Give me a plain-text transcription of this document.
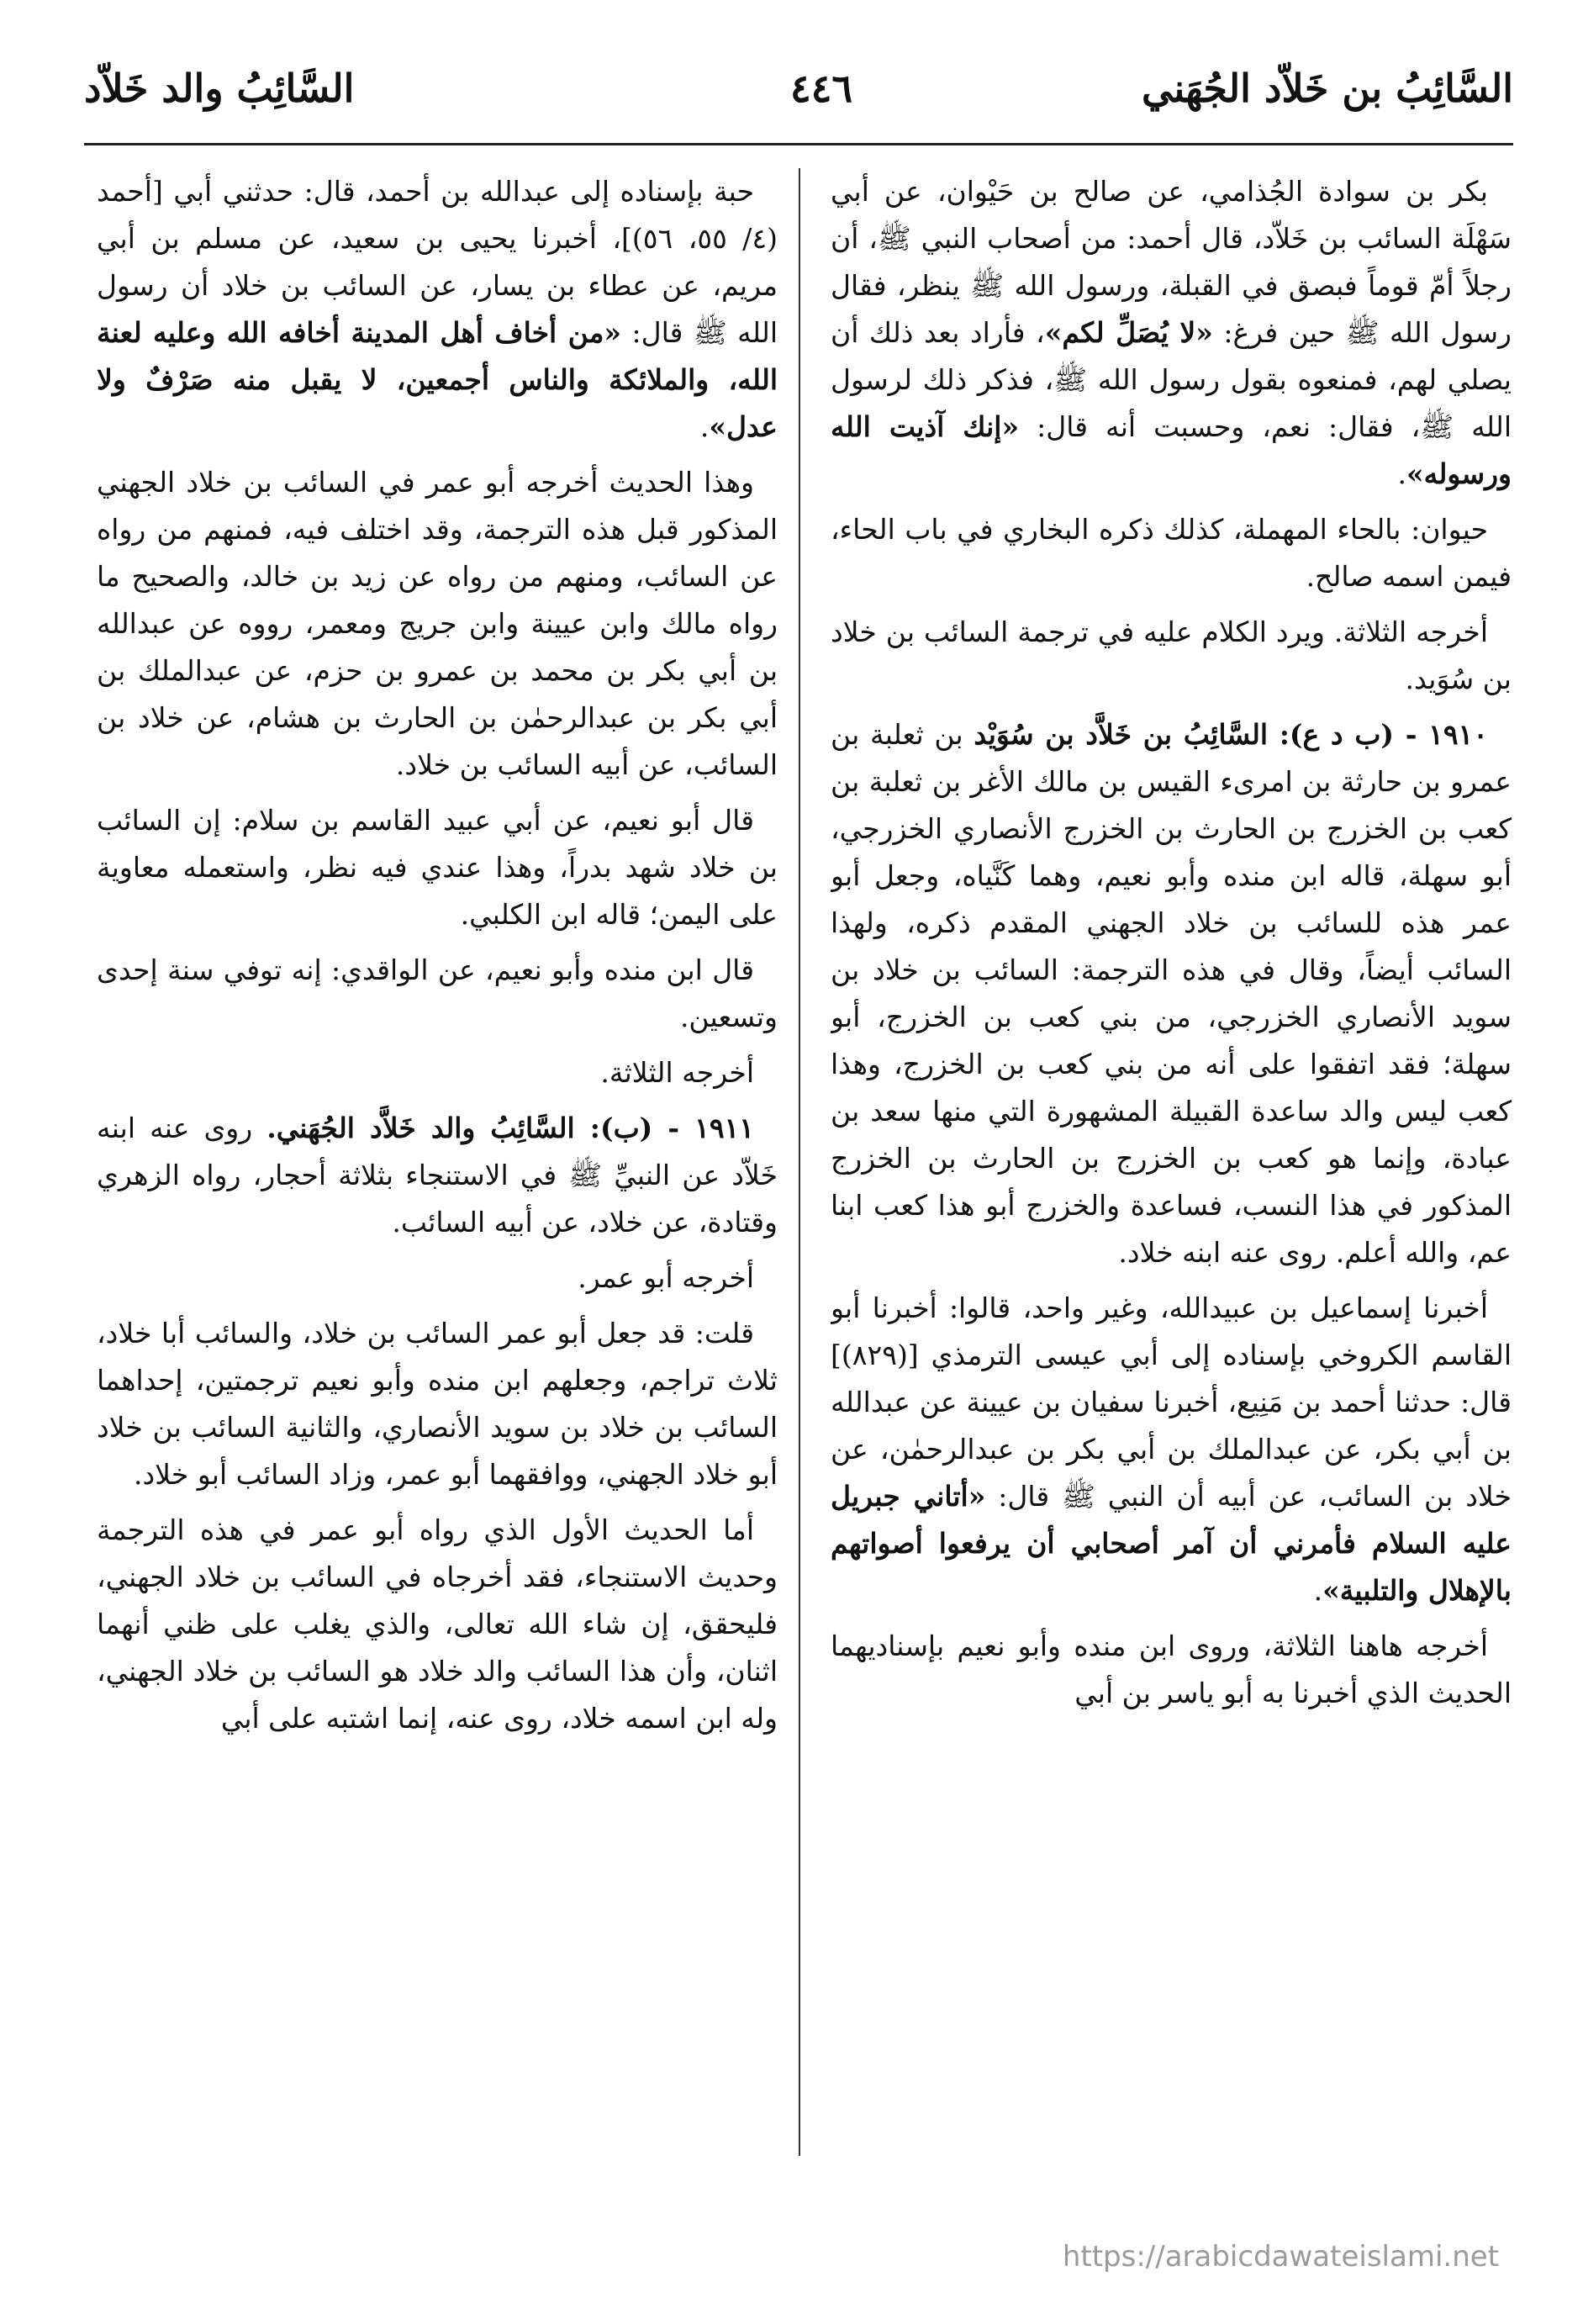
السَّائِبُ بن خَلاّد الجُهَني
٤٤٦
السَّائِبُ والد خَلاّد

بكر بن سوادة الجُذامي، عن صالح بن حَيْوان، عن أبي سَهْلَة السائب بن خَلاّد، قال أحمد: من أصحاب النبي ﷺ، أن رجلاً أمّ قوماً فبصق في القبلة، ورسول الله ﷺ ينظر، فقال رسول الله ﷺ حين فرغ: «لا يُصَلِّ لكم»، فأراد بعد ذلك أن يصلي لهم، فمنعوه بقول رسول الله ﷺ، فذكر ذلك لرسول الله ﷺ، فقال: نعم، وحسبت أنه قال: «إنك آذيت الله ورسوله».

حيوان: بالحاء المهملة، كذلك ذكره البخاري في باب الحاء، فيمن اسمه صالح.

أخرجه الثلاثة. ويرد الكلام عليه في ترجمة السائب بن خلاد بن سُوَيد.

١٩١٠ - (ب د ع): السَّائِبُ بن خَلاَّد بن سُوَيْد بن ثعلبة بن عمرو بن حارثة بن امرىء القيس بن مالك الأغر بن ثعلبة بن كعب بن الخزرج بن الحارث بن الخزرج الأنصاري الخزرجي، أبو سهلة، قاله ابن منده وأبو نعيم، وهما كَنَّياه، وجعل أبو عمر هذه للسائب بن خلاد الجهني المقدم ذكره، ولهذا السائب أيضاً، وقال في هذه الترجمة: السائب بن خلاد بن سويد الأنصاري الخزرجي، من بني كعب بن الخزرج، أبو سهلة؛ فقد اتفقوا على أنه من بني كعب بن الخزرج، وهذا كعب ليس والد ساعدة القبيلة المشهورة التي منها سعد بن عبادة، وإنما هو كعب بن الخزرج بن الحارث بن الخزرج المذكور في هذا النسب، فساعدة والخزرج أبو هذا كعب ابنا عم، والله أعلم. روى عنه ابنه خلاد.

أخبرنا إسماعيل بن عبيدالله، وغير واحد، قالوا: أخبرنا أبو القاسم الكروخي بإسناده إلى أبي عيسى الترمذي [(٨٢٩)] قال: حدثنا أحمد بن مَنِيع، أخبرنا سفيان بن عيينة عن عبدالله بن أبي بكر، عن عبدالملك بن أبي بكر بن عبدالرحمٰن، عن خلاد بن السائب، عن أبيه أن النبي ﷺ قال: «أتاني جبريل عليه السلام فأمرني أن آمر أصحابي أن يرفعوا أصواتهم بالإهلال والتلبية».

أخرجه هاهنا الثلاثة، وروى ابن منده وأبو نعيم بإسناديهما الحديث الذي أخبرنا به أبو ياسر بن أبي

حبة بإسناده إلى عبدالله بن أحمد، قال: حدثني أبي [أحمد (٤/ ٥٥، ٥٦)]، أخبرنا يحيى بن سعيد، عن مسلم بن أبي مريم، عن عطاء بن يسار، عن السائب بن خلاد أن رسول الله ﷺ قال: «من أخاف أهل المدينة أخافه الله وعليه لعنة الله، والملائكة والناس أجمعين، لا يقبل منه صَرْفٌ ولا عدل».

وهذا الحديث أخرجه أبو عمر في السائب بن خلاد الجهني المذكور قبل هذه الترجمة، وقد اختلف فيه، فمنهم من رواه عن السائب، ومنهم من رواه عن زيد بن خالد، والصحيح ما رواه مالك وابن عيينة وابن جريج ومعمر، رووه عن عبدالله بن أبي بكر بن محمد بن عمرو بن حزم، عن عبدالملك بن أبي بكر بن عبدالرحمٰن بن الحارث بن هشام، عن خلاد بن السائب، عن أبيه السائب بن خلاد.

قال أبو نعيم، عن أبي عبيد القاسم بن سلام: إن السائب بن خلاد شهد بدراً، وهذا عندي فيه نظر، واستعمله معاوية على اليمن؛ قاله ابن الكلبي.

قال ابن منده وأبو نعيم، عن الواقدي: إنه توفي سنة إحدى وتسعين.

أخرجه الثلاثة.

١٩١١ - (ب): السَّائِبُ والد خَلاَّد الجُهَني. روى عنه ابنه خَلاّد عن النبيِّ ﷺ في الاستنجاء بثلاثة أحجار، رواه الزهري وقتادة، عن خلاد، عن أبيه السائب.

أخرجه أبو عمر.

قلت: قد جعل أبو عمر السائب بن خلاد، والسائب أبا خلاد، ثلاث تراجم، وجعلهم ابن منده وأبو نعيم ترجمتين، إحداهما السائب بن خلاد بن سويد الأنصاري، والثانية السائب بن خلاد أبو خلاد الجهني، ووافقهما أبو عمر، وزاد السائب أبو خلاد.

أما الحديث الأول الذي رواه أبو عمر في هذه الترجمة وحديث الاستنجاء، فقد أخرجاه في السائب بن خلاد الجهني، فليحقق، إن شاء الله تعالى، والذي يغلب على ظني أنهما اثنان، وأن هذا السائب والد خلاد هو السائب بن خلاد الجهني، وله ابن اسمه خلاد، روى عنه، إنما اشتبه على أبي

https://arabicdawateislami.net
